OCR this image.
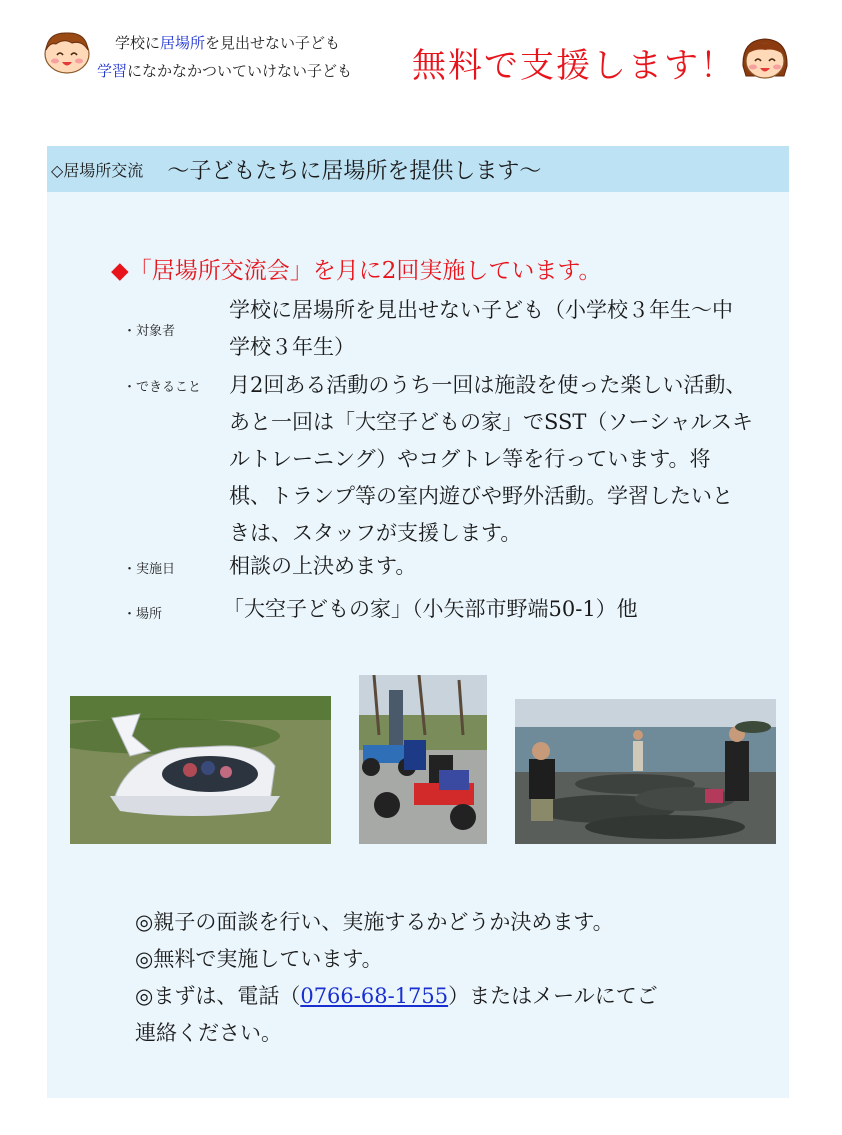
学校に居場所を見出せない子ども
学習になかなかついていけない子ども 無料で支援します！
◇居場所交流 〜子どもたちに居場所を提供します〜
◆「居場所交流会」を月に2回実施しています。
・対象者
学校に居場所を見出せない子ども（小学校３年生〜中
学校３年生）
・できること 月2回ある活動のうち一回は施設を使った楽しい活動、
あと一回は「大空子どもの家」でSST（ソーシャルスキ
ルトレーニング）やコグトレ等を行っています。将
棋、トランプ等の室内遊びや野外活動。学習したいと
きは、スタッフが支援します。
・実施日	相談の上決めます。
・場所	「大空子どもの家」（小矢部市野端50-1）他
◎親子の面談を行い、実施するかどうか決めます。
◎無料で実施しています。
◎まずは、電話（0766-68-1755）またはメールにてご
連絡ください。
